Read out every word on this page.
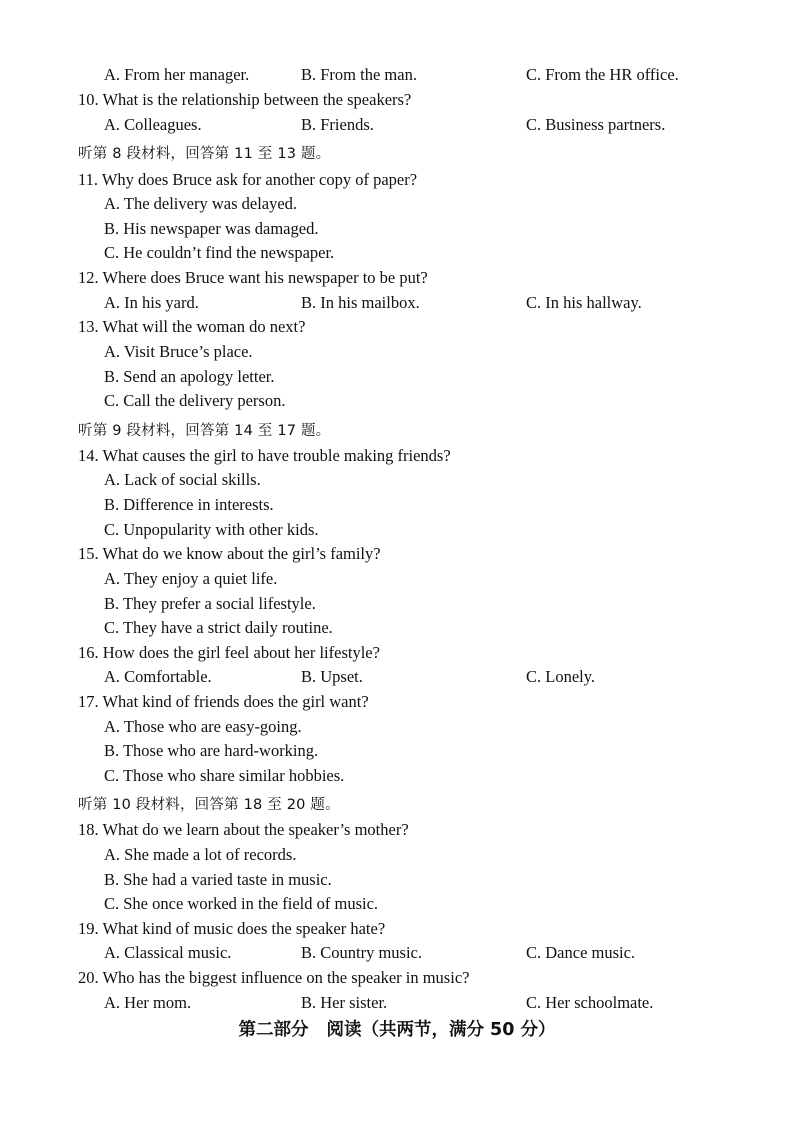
A. From her manager.	B. From the man.	C. From the HR office.
10. What is the relationship between the speakers?
A. Colleagues.	B. Friends.	C. Business partners.
听第 8 段材料，回答第 11 至 13 题。
11. Why does Bruce ask for another copy of paper?
A. The delivery was delayed.
B. His newspaper was damaged.
C. He couldn’t find the newspaper.
12. Where does Bruce want his newspaper to be put?
A. In his yard.	B. In his mailbox.	C. In his hallway.
13. What will the woman do next?
A. Visit Bruce’s place.
B. Send an apology letter.
C. Call the delivery person.
听第 9 段材料，回答第 14 至 17 题。
14. What causes the girl to have trouble making friends?
A. Lack of social skills.
B. Difference in interests.
C. Unpopularity with other kids.
15. What do we know about the girl’s family?
A. They enjoy a quiet life.
B. They prefer a social lifestyle.
C. They have a strict daily routine.
16. How does the girl feel about her lifestyle?
A. Comfortable.	B. Upset.	C. Lonely.
17. What kind of friends does the girl want?
A. Those who are easy-going.
B. Those who are hard-working.
C. Those who share similar hobbies.
听第 10 段材料，回答第 18 至 20 题。
18. What do we learn about the speaker’s mother?
A. She made a lot of records.
B. She had a varied taste in music.
C. She once worked in the field of music.
19. What kind of music does the speaker hate?
A. Classical music.	B. Country music.	C. Dance music.
20. Who has the biggest influence on the speaker in music?
A. Her mom.	B. Her sister.	C. Her schoolmate.
第二部分 阅读（共两节，满分 50 分）
